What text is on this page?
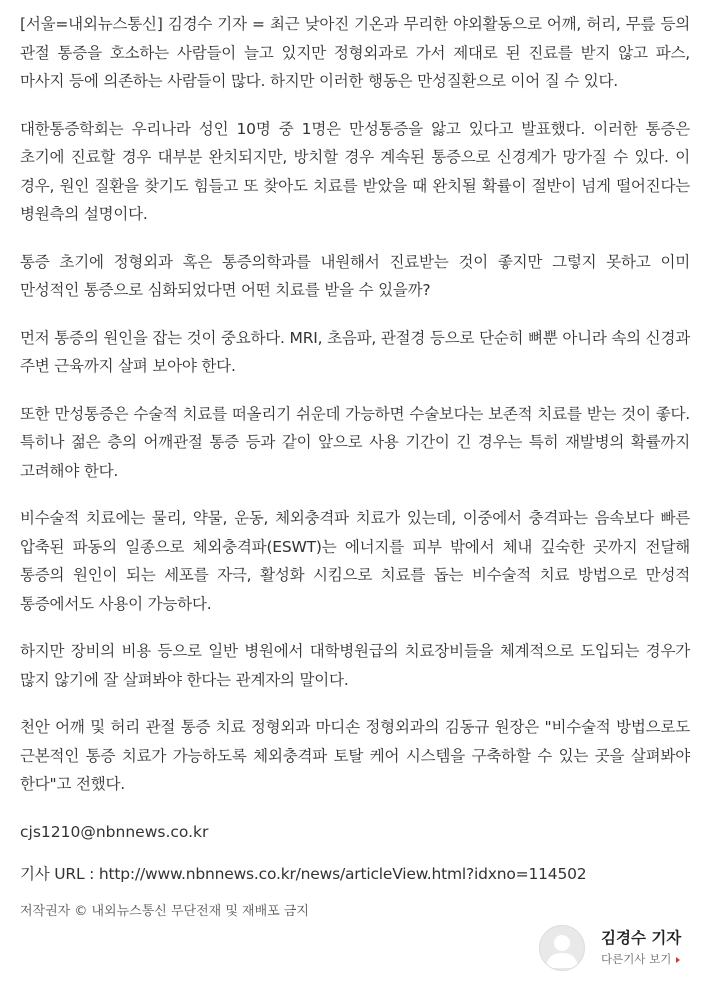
[서울=내외뉴스통신] 김경수 기자 = 최근 낮아진 기온과 무리한 야외활동으로 어깨, 허리, 무릎 등의 관절 통증을 호소하는 사람들이 늘고 있지만 정형외과로 가서 제대로 된 진료를 받지 않고 파스, 마사지 등에 의존하는 사람들이 많다. 하지만 이러한 행동은 만성질환으로 이어 질 수 있다.

대한통증학회는 우리나라 성인 10명 중 1명은 만성통증을 앓고 있다고 발표했다. 이러한 통증은 초기에 진료할 경우 대부분 완치되지만, 방치할 경우 계속된 통증으로 신경계가 망가질 수 있다. 이 경우, 원인 질환을 찾기도 힘들고 또 찾아도 치료를 받았을 때 완치될 확률이 절반이 넘게 떨어진다는 병원측의 설명이다.

통증 초기에 정형외과 혹은 통증의학과를 내원해서 진료받는 것이 좋지만 그렇지 못하고 이미 만성적인 통증으로 심화되었다면 어떤 치료를 받을 수 있을까?

먼저 통증의 원인을 잡는 것이 중요하다. MRI, 초음파, 관절경 등으로 단순히 뼈뿐 아니라 속의 신경과 주변 근육까지 살펴 보아야 한다.

또한 만성통증은 수술적 치료를 떠올리기 쉬운데 가능하면 수술보다는 보존적 치료를 받는 것이 좋다. 특히나 젊은 층의 어깨관절 통증 등과 같이 앞으로 사용 기간이 긴 경우는 특히 재발병의 확률까지 고려해야 한다.

비수술적 치료에는 물리, 약물, 운동, 체외충격파 치료가 있는데, 이중에서 충격파는 음속보다 빠른 압축된 파동의 일종으로 체외충격파(ESWT)는 에너지를 피부 밖에서 체내 깊숙한 곳까지 전달해 통증의 원인이 되는 세포를 자극, 활성화 시킴으로 치료를 돕는 비수술적 치료 방법으로 만성적 통증에서도 사용이 가능하다.

하지만 장비의 비용 등으로 일반 병원에서 대학병원급의 치료장비들을 체계적으로 도입되는 경우가 많지 않기에 잘 살펴봐야 한다는 관계자의 말이다.

천안 어깨 및 허리 관절 통증 치료 정형외과 마디손 정형외과의 김동규 원장은 "비수술적 방법으로도 근본적인 통증 치료가 가능하도록 체외충격파 토탈 케어 시스템을 구축하할 수 있는 곳을 살펴봐야 한다"고 전했다.

cjs1210@nbnnews.co.kr

기사 URL : http://www.nbnnews.co.kr/news/articleView.html?idxno=114502

저작권자 © 내외뉴스통신 무단전재 및 재배포 금지

김경수 기자
다른기사 보기
